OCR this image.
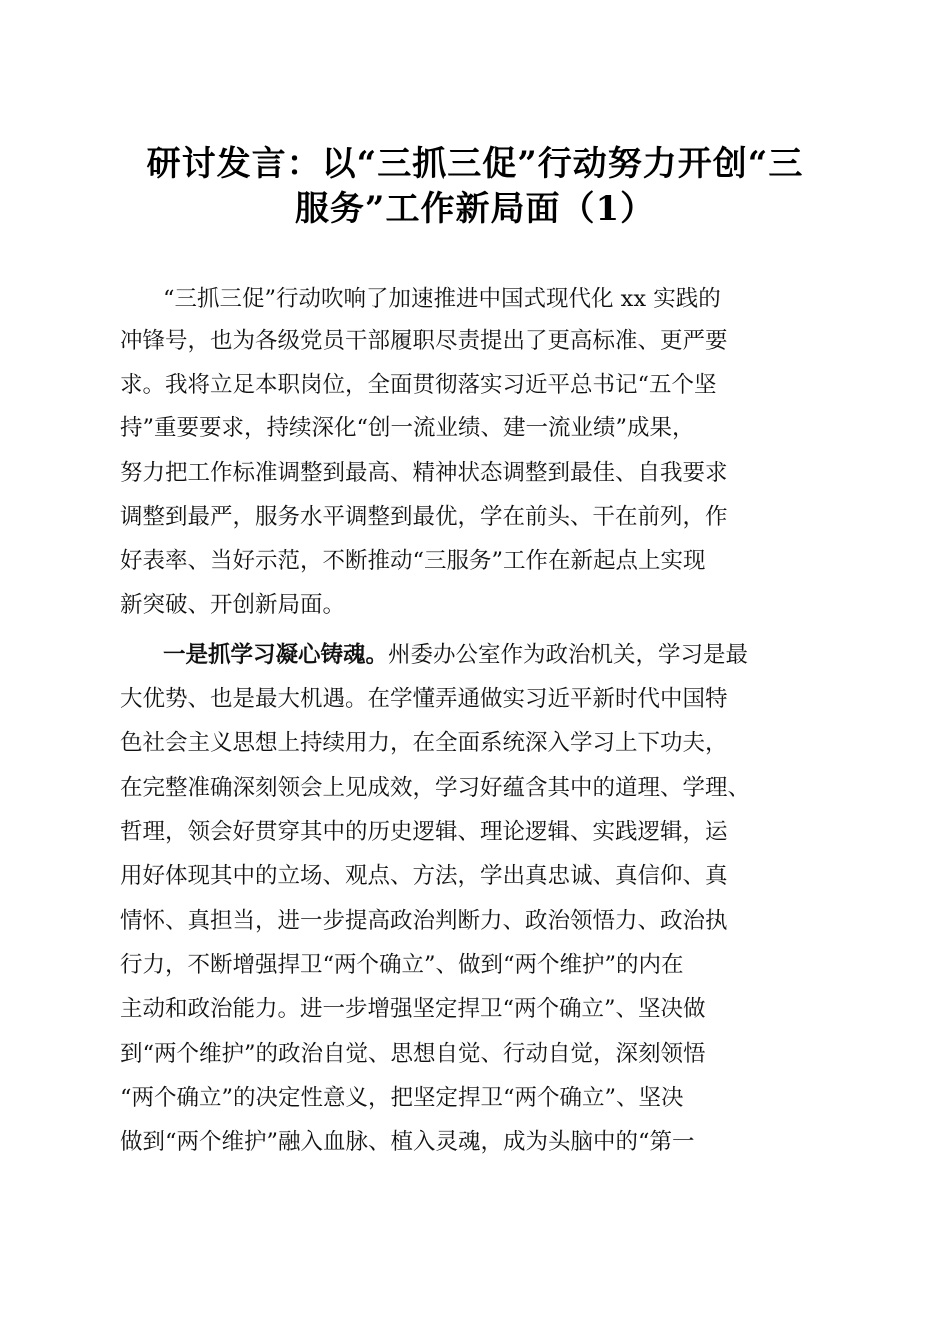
研讨发言：以“三抓三促”行动努力开创“三
服务”工作新局面（1）
“三抓三促”行动吹响了加速推进中国式现代化 xx 实践的
冲锋号，也为各级党员干部履职尽责提出了更高标准、更严要
求。我将立足本职岗位，全面贯彻落实习近平总书记“五个坚
持”重要要求，持续深化“创一流业绩、建一流业绩”成果，
努力把工作标准调整到最高、精神状态调整到最佳、自我要求
调整到最严，服务水平调整到最优，学在前头、干在前列，作
好表率、当好示范，不断推动“三服务”工作在新起点上实现
新突破、开创新局面。
一是抓学习凝心铸魂。州委办公室作为政治机关，学习是最
大优势、也是最大机遇。在学懂弄通做实习近平新时代中国特
色社会主义思想上持续用力，在全面系统深入学习上下功夫，
在完整准确深刻领会上见成效，学习好蕴含其中的道理、学理、
哲理，领会好贯穿其中的历史逻辑、理论逻辑、实践逻辑，运
用好体现其中的立场、观点、方法，学出真忠诚、真信仰、真
情怀、真担当，进一步提高政治判断力、政治领悟力、政治执
行力，不断增强捍卫“两个确立”、做到“两个维护”的内在
主动和政治能力。进一步增强坚定捍卫“两个确立”、坚决做
到“两个维护”的政治自觉、思想自觉、行动自觉，深刻领悟
“两个确立”的决定性意义，把坚定捍卫“两个确立”、坚决
做到“两个维护”融入血脉、植入灵魂，成为头脑中的“第一
